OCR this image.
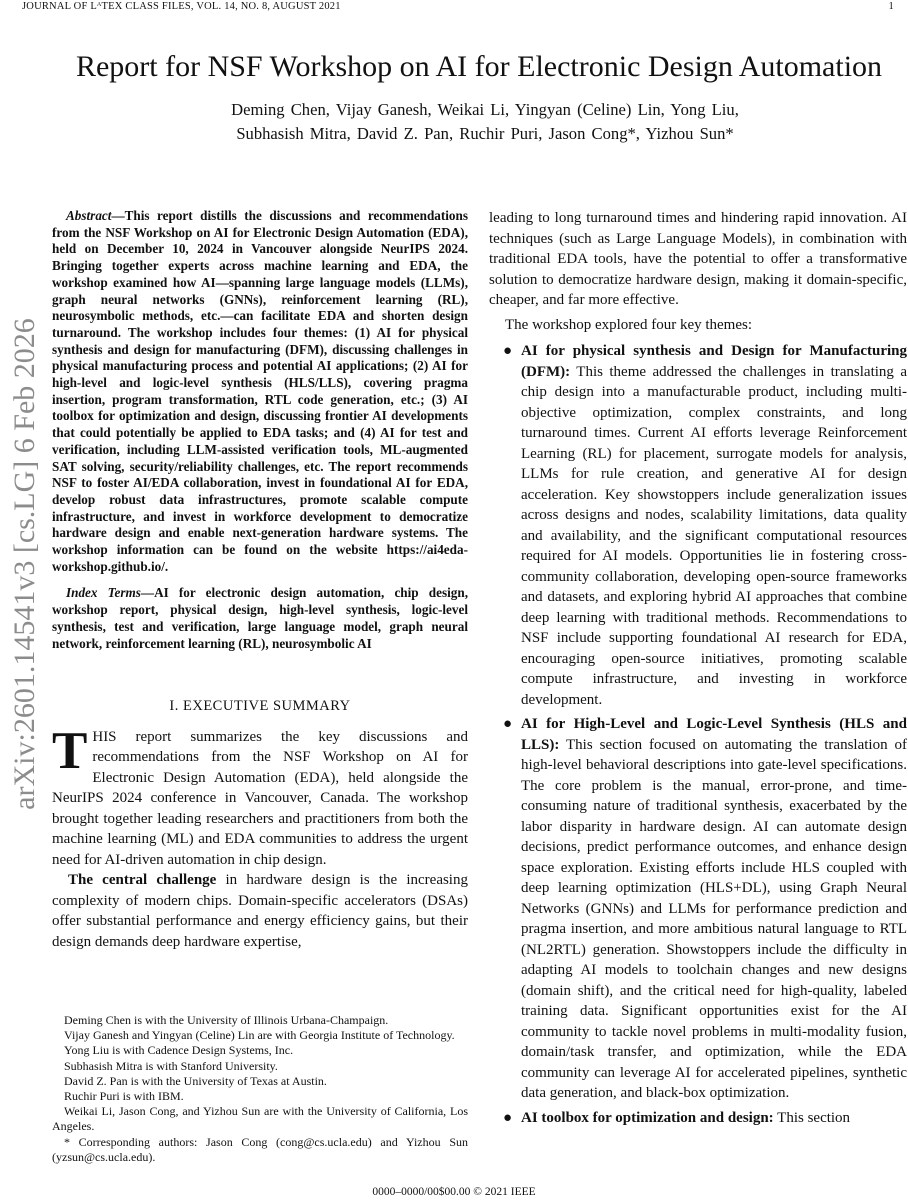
JOURNAL OF LᴬTEX CLASS FILES, VOL. 14, NO. 8, AUGUST 2021	1
arXiv:2601.14541v3 [cs.LG] 6 Feb 2026
Report for NSF Workshop on AI for Electronic Design Automation

Deming Chen, Vijay Ganesh, Weikai Li, Yingyan (Celine) Lin, Yong Liu,

Subhasish Mitra, David Z. Pan, Ruchir Puri, Jason Cong*, Yizhou Sun*

Abstract—This report distills the discussions and recommendations from the NSF Workshop on AI for Electronic Design Automation (EDA), held on December 10, 2024 in Vancouver alongside NeurIPS 2024. Bringing together experts across machine learning and EDA, the workshop examined how AI—spanning large language models (LLMs), graph neural networks (GNNs), reinforcement learning (RL), neurosymbolic methods, etc.—can facilitate EDA and shorten design turnaround. The workshop includes four themes: (1) AI for physical synthesis and design for manufacturing (DFM), discussing challenges in physical manufacturing process and potential AI applications; (2) AI for high-level and logic-level synthesis (HLS/LLS), covering pragma insertion, program transformation, RTL code generation, etc.; (3) AI toolbox for optimization and design, discussing frontier AI developments that could potentially be applied to EDA tasks; and (4) AI for test and verification, including LLM-assisted verification tools, ML-augmented SAT solving, security/reliability challenges, etc. The report recommends NSF to foster AI/EDA collaboration, invest in foundational AI for EDA, develop robust data infrastructures, promote scalable compute infrastructure, and invest in workforce development to democratize hardware design and enable next-generation hardware systems. The workshop information can be found on the website https://ai4eda-workshop.github.io/.

Index Terms—AI for electronic design automation, chip design, workshop report, physical design, high-level synthesis, logic-level synthesis, test and verification, large language model, graph neural network, reinforcement learning (RL), neurosymbolic AI

I. EXECUTIVE SUMMARY

THIS report summarizes the key discussions and recommendations from the NSF Workshop on AI for Electronic Design Automation (EDA), held alongside the NeurIPS 2024 conference in Vancouver, Canada. The workshop brought together leading researchers and practitioners from both the machine learning (ML) and EDA communities to address the urgent need for AI-driven automation in chip design.

The central challenge in hardware design is the increasing complexity of modern chips. Domain-specific accelerators (DSAs) offer substantial performance and energy efficiency gains, but their design demands deep hardware expertise,

Deming Chen is with the University of Illinois Urbana-Champaign.

Vijay Ganesh and Yingyan (Celine) Lin are with Georgia Institute of Technology.

Yong Liu is with Cadence Design Systems, Inc.

Subhasish Mitra is with Stanford University.

David Z. Pan is with the University of Texas at Austin.

Ruchir Puri is with IBM.

Weikai Li, Jason Cong, and Yizhou Sun are with the University of California, Los Angeles.

* Corresponding authors: Jason Cong (cong@cs.ucla.edu) and Yizhou Sun (yzsun@cs.ucla.edu).

leading to long turnaround times and hindering rapid innovation. AI techniques (such as Large Language Models), in combination with traditional EDA tools, have the potential to offer a transformative solution to democratize hardware design, making it domain-specific, cheaper, and far more effective.

The workshop explored four key themes:

● AI for physical synthesis and Design for Manufacturing (DFM): This theme addressed the challenges in translating a chip design into a manufacturable product, including multi-objective optimization, complex constraints, and long turnaround times. Current AI efforts leverage Reinforcement Learning (RL) for placement, surrogate models for analysis, LLMs for rule creation, and generative AI for design acceleration. Key showstoppers include generalization issues across designs and nodes, scalability limitations, data quality and availability, and the significant computational resources required for AI models. Opportunities lie in fostering cross-community collaboration, developing open-source frameworks and datasets, and exploring hybrid AI approaches that combine deep learning with traditional methods. Recommendations to NSF include supporting foundational AI research for EDA, encouraging open-source initiatives, promoting scalable compute infrastructure, and investing in workforce development.
● AI for High-Level and Logic-Level Synthesis (HLS and LLS): This section focused on automating the translation of high-level behavioral descriptions into gate-level specifications. The core problem is the manual, error-prone, and time-consuming nature of traditional synthesis, exacerbated by the labor disparity in hardware design. AI can automate design decisions, predict performance outcomes, and enhance design space exploration. Existing efforts include HLS coupled with deep learning optimization (HLS+DL), using Graph Neural Networks (GNNs) and LLMs for performance prediction and pragma insertion, and more ambitious natural language to RTL (NL2RTL) generation. Showstoppers include the difficulty in adapting AI models to toolchain changes and new designs (domain shift), and the critical need for high-quality, labeled training data. Significant opportunities exist for the AI community to tackle novel problems in multi-modality fusion, domain/task transfer, and optimization, while the EDA community can leverage AI for accelerated pipelines, synthetic data generation, and black-box optimization.
● AI toolbox for optimization and design: This section
0000–0000/00$00.00 © 2021 IEEE
